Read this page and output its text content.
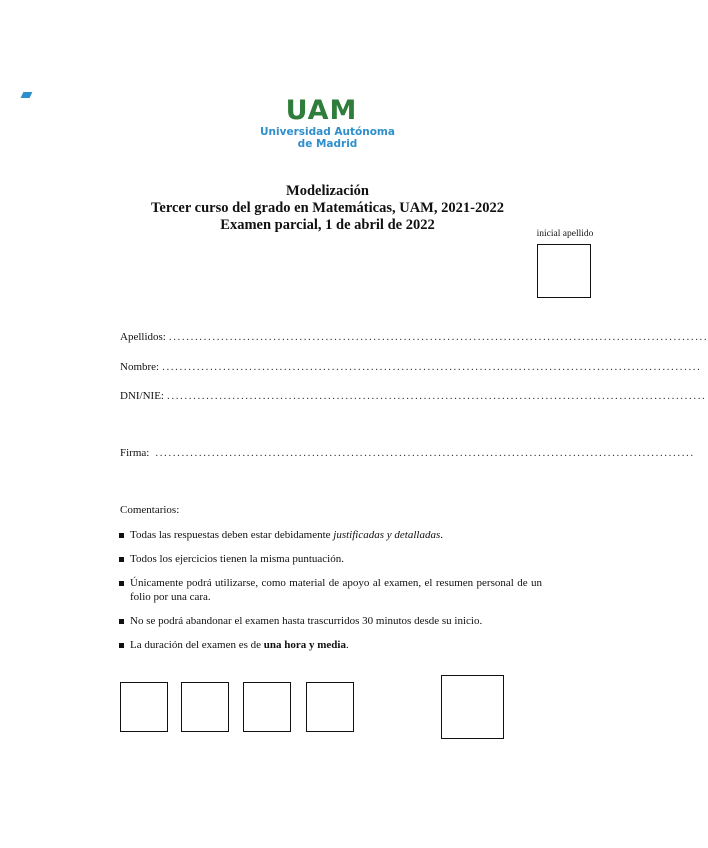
UAM
Universidad Autónoma
de Madrid
Modelización
Tercer curso del grado en Matemáticas, UAM, 2021-2022
Examen parcial, 1 de abril de 2022
inicial apellido
Apellidos: ............................................................................................................................
Nombre: ............................................................................................................................
DNI/NIE: ............................................................................................................................
Firma: ............................................................................................................................
Comentarios:
Todas las respuestas deben estar debidamente justificadas y detalladas.
Todos los ejercicios tienen la misma puntuación.
Únicamente podrá utilizarse, como material de apoyo al examen, el resumen personal de un folio por una cara.
No se podrá abandonar el examen hasta trascurridos 30 minutos desde su inicio.
La duración del examen es de una hora y media.
